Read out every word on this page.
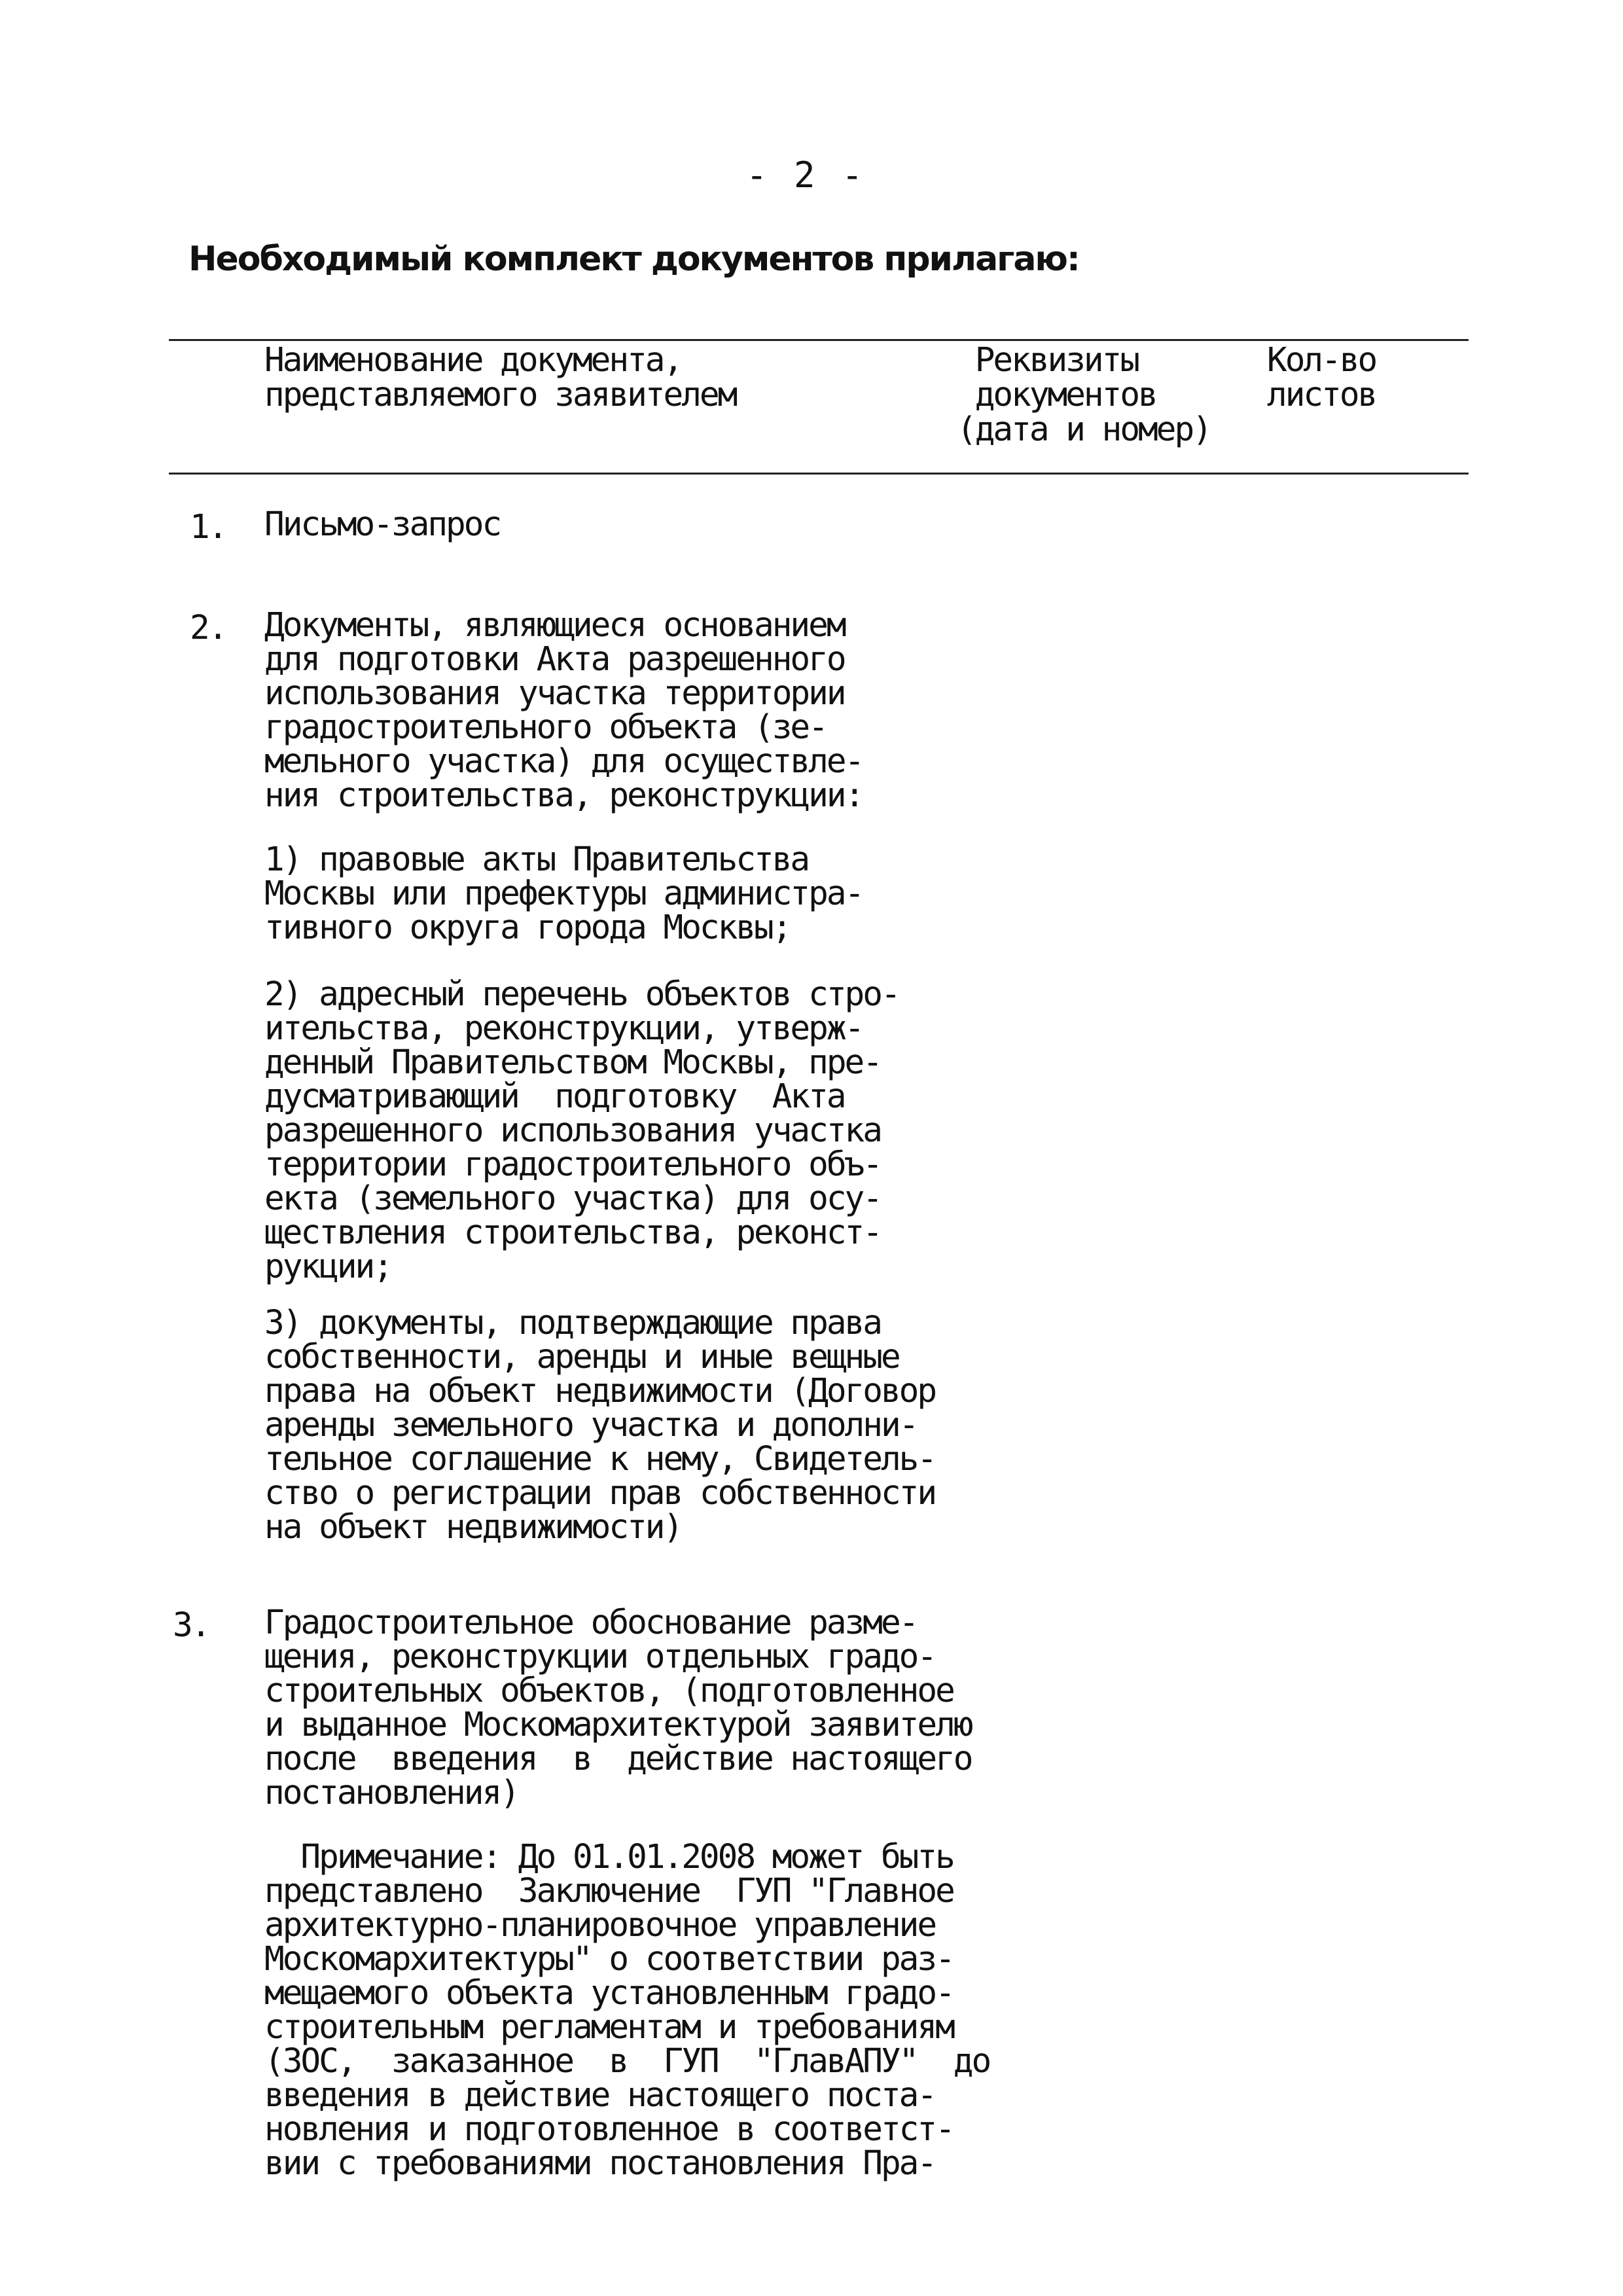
- 2 -
Необходимый комплект документов прилагаю:
Наименование документа,
представляемого заявителем
Реквизиты
документов
(дата и номер)
Кол-во
листов
1. Письмо-запрос
2. Документы, являющиеся основанием
для подготовки Акта разрешенного
использования участка территории
градостроительного объекта (зе-
мельного участка) для осуществле-
ния строительства, реконструкции:
1) правовые акты Правительства
Москвы или префектуры администра-
тивного округа города Москвы;
2) адресный перечень объектов стро-
ительства, реконструкции, утверж-
денный Правительством Москвы, пре-
дусматривающий  подготовку  Акта
разрешенного использования участка
территории градостроительного объ-
екта (земельного участка) для осу-
ществления строительства, реконст-
рукции;
3) документы, подтверждающие права
собственности, аренды и иные вещные
права на объект недвижимости (Договор
аренды земельного участка и дополни-
тельное соглашение к нему, Свидетель-
ство о регистрации прав собственности
на объект недвижимости)
3. Градостроительное обоснование разме-
щения, реконструкции отдельных градо-
строительных объектов, (подготовленное
и выданное Москомархитектурой заявителю
после  введения  в  действие настоящего
постановления)
Примечание: До 01.01.2008 может быть
представлено  Заключение  ГУП "Главное
архитектурно-планировочное управление
Москомархитектуры" о соответствии раз-
мещаемого объекта установленным градо-
строительным регламентам и требованиям
(ЗОС,  заказанное  в  ГУП  "ГлавАПУ"  до
введения в действие настоящего поста-
новления и подготовленное в соответст-
вии с требованиями постановления Пра-
